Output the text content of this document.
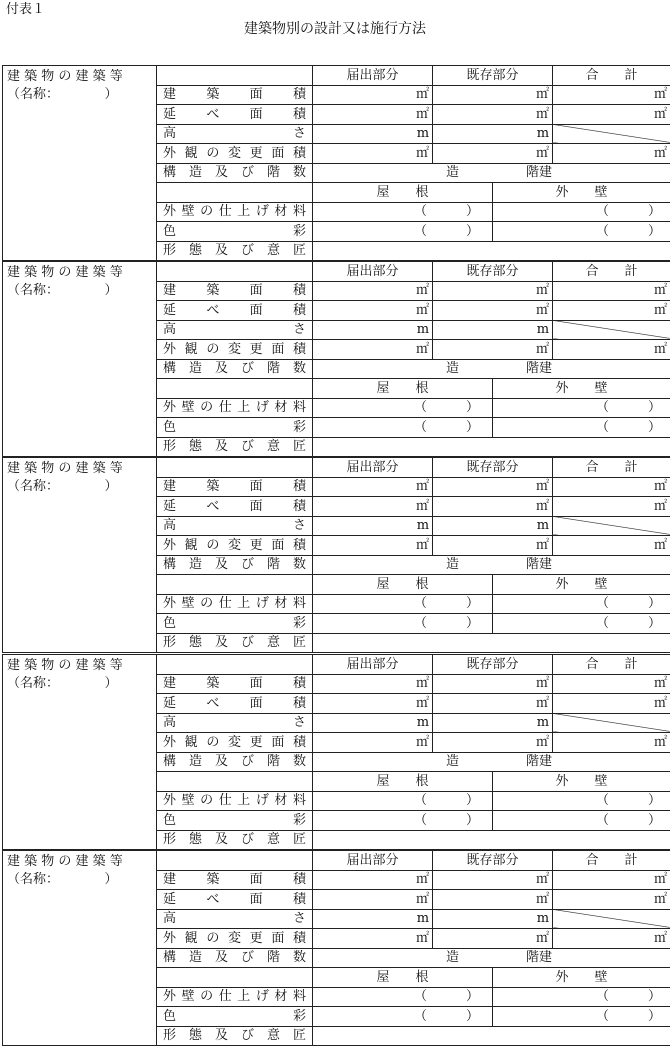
付表１
建築物別の設計又は施行方法
建 築 物 の 建 築 等
（名称：　　　　）		届出部分	既存部分		合　　計
	建築面積	㎡	㎡		㎡
	延べ面積	㎡	㎡		㎡
	高さ	m	m		
	外観の変更面積	㎡	㎡		㎡
	構造及び階数	造 階建			

		屋　　根		外　　壁	
	外壁の仕上げ材料	（ ）		（ ）	

	色彩	（ ）		（ ）	

	形態及び意匠				
建 築 物 の 建 築 等
（名称：　　　　）		届出部分	既存部分		合　　計
	建築面積	㎡	㎡		㎡
	延べ面積	㎡	㎡		㎡
	高さ	m	m		
	外観の変更面積	㎡	㎡		㎡
	構造及び階数	造 階建			

		屋　　根		外　　壁	
	外壁の仕上げ材料	（ ）		（ ）	

	色彩	（ ）		（ ）	

	形態及び意匠				
建 築 物 の 建 築 等
（名称：　　　　）		届出部分	既存部分		合　　計
	建築面積	㎡	㎡		㎡
	延べ面積	㎡	㎡		㎡
	高さ	m	m		
	外観の変更面積	㎡	㎡		㎡
	構造及び階数	造 階建			

		屋　　根		外　　壁	
	外壁の仕上げ材料	（ ）		（ ）	

	色彩	（ ）		（ ）	

	形態及び意匠				
建 築 物 の 建 築 等
（名称：　　　　）		届出部分	既存部分		合　　計
	建築面積	㎡	㎡		㎡
	延べ面積	㎡	㎡		㎡
	高さ	m	m		
	外観の変更面積	㎡	㎡		㎡
	構造及び階数	造 階建			

		屋　　根		外　　壁	
	外壁の仕上げ材料	（ ）		（ ）	

	色彩	（ ）		（ ）	

	形態及び意匠				
建 築 物 の 建 築 等
（名称：　　　　）		届出部分	既存部分		合　　計
	建築面積	㎡	㎡		㎡
	延べ面積	㎡	㎡		㎡
	高さ	m	m		
	外観の変更面積	㎡	㎡		㎡
	構造及び階数	造 階建			

		屋　　根		外　　壁	
	外壁の仕上げ材料	（ ）		（ ）	

	色彩	（ ）		（ ）	

	形態及び意匠				
